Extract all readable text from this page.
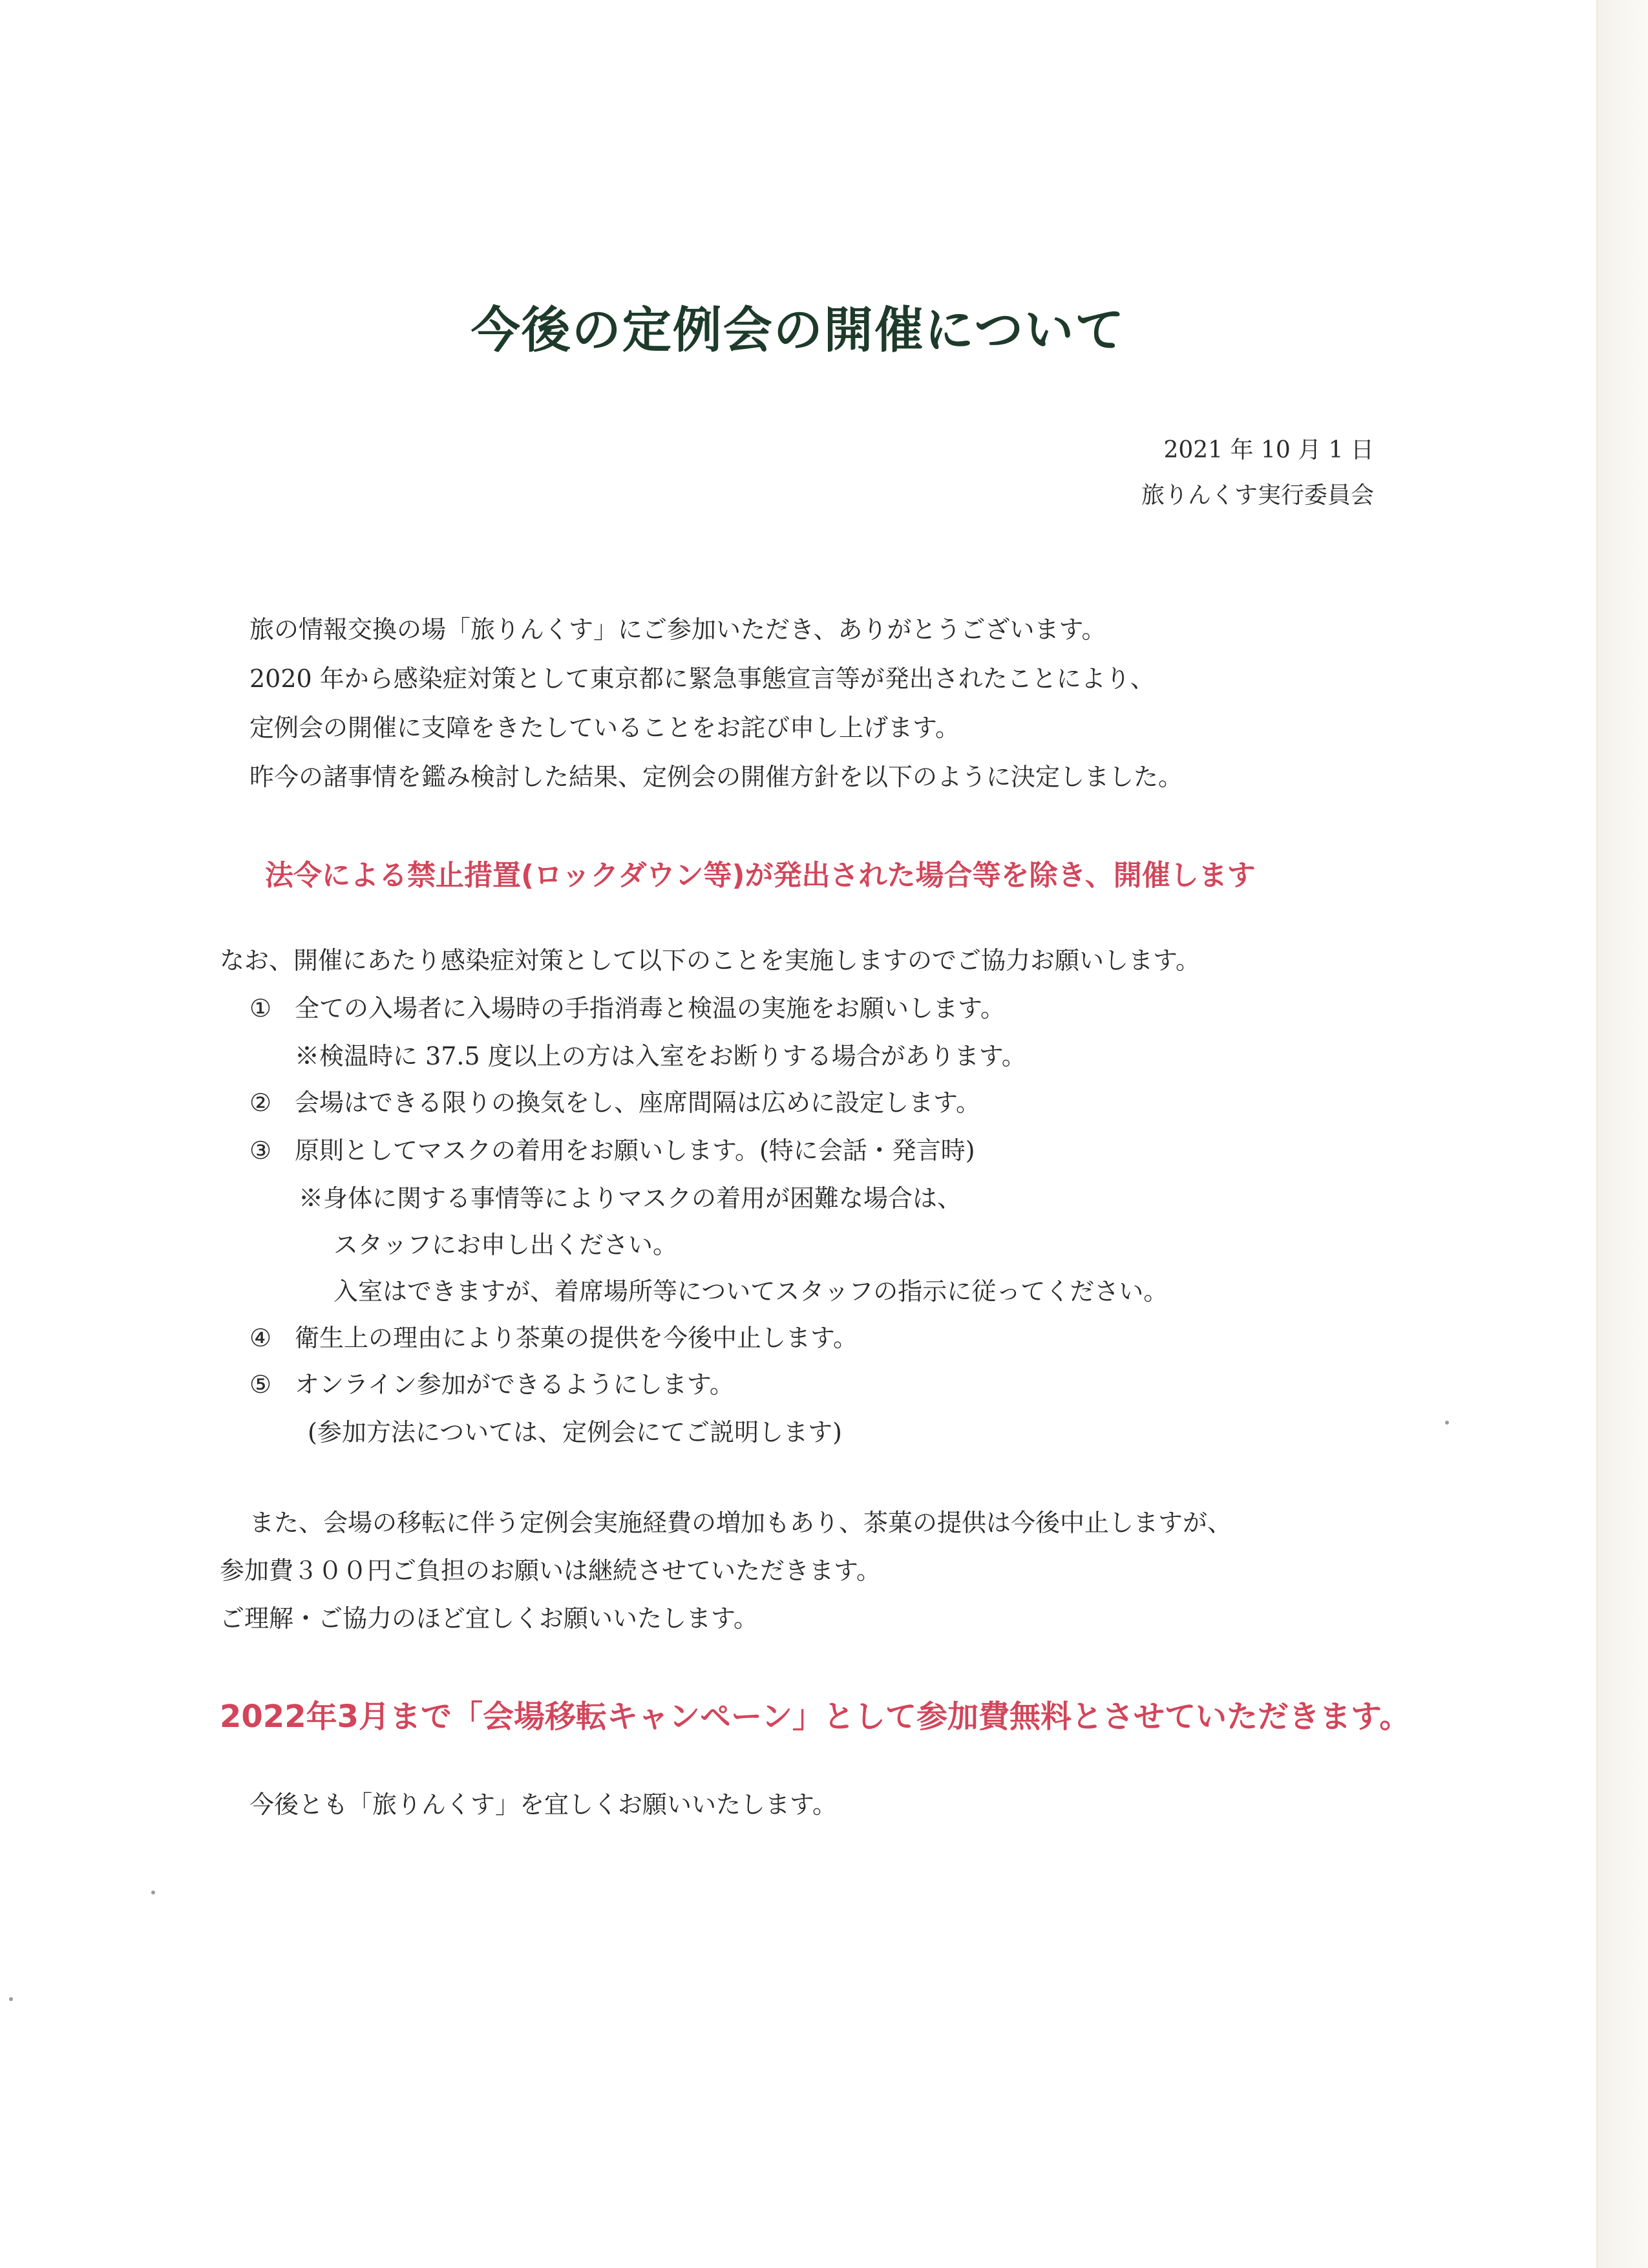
今後の定例会の開催について
2021 年 10 月 1 日
旅りんくす実行委員会
旅の情報交換の場「旅りんくす」にご参加いただき、ありがとうございます。
2020 年から感染症対策として東京都に緊急事態宣言等が発出されたことにより、
定例会の開催に支障をきたしていることをお詫び申し上げます。
昨今の諸事情を鑑み検討した結果、定例会の開催方針を以下のように決定しました。
法令による禁止措置(ロックダウン等)が発出された場合等を除き、開催します
なお、開催にあたり感染症対策として以下のことを実施しますのでご協力お願いします。
① 全ての入場者に入場時の手指消毒と検温の実施をお願いします。
※検温時に 37.5 度以上の方は入室をお断りする場合があります。
② 会場はできる限りの換気をし、座席間隔は広めに設定します。
③ 原則としてマスクの着用をお願いします。(特に会話・発言時)
※身体に関する事情等によりマスクの着用が困難な場合は、
スタッフにお申し出ください。
入室はできますが、着席場所等についてスタッフの指示に従ってください。
④ 衛生上の理由により茶菓の提供を今後中止します。
⑤ オンライン参加ができるようにします。
(参加方法については、定例会にてご説明します)
また、会場の移転に伴う定例会実施経費の増加もあり、茶菓の提供は今後中止しますが、
参加費３００円ご負担のお願いは継続させていただきます。
ご理解・ご協力のほど宜しくお願いいたします。
2022年3月まで「会場移転キャンペーン」として参加費無料とさせていただきます。
今後とも「旅りんくす」を宜しくお願いいたします。
